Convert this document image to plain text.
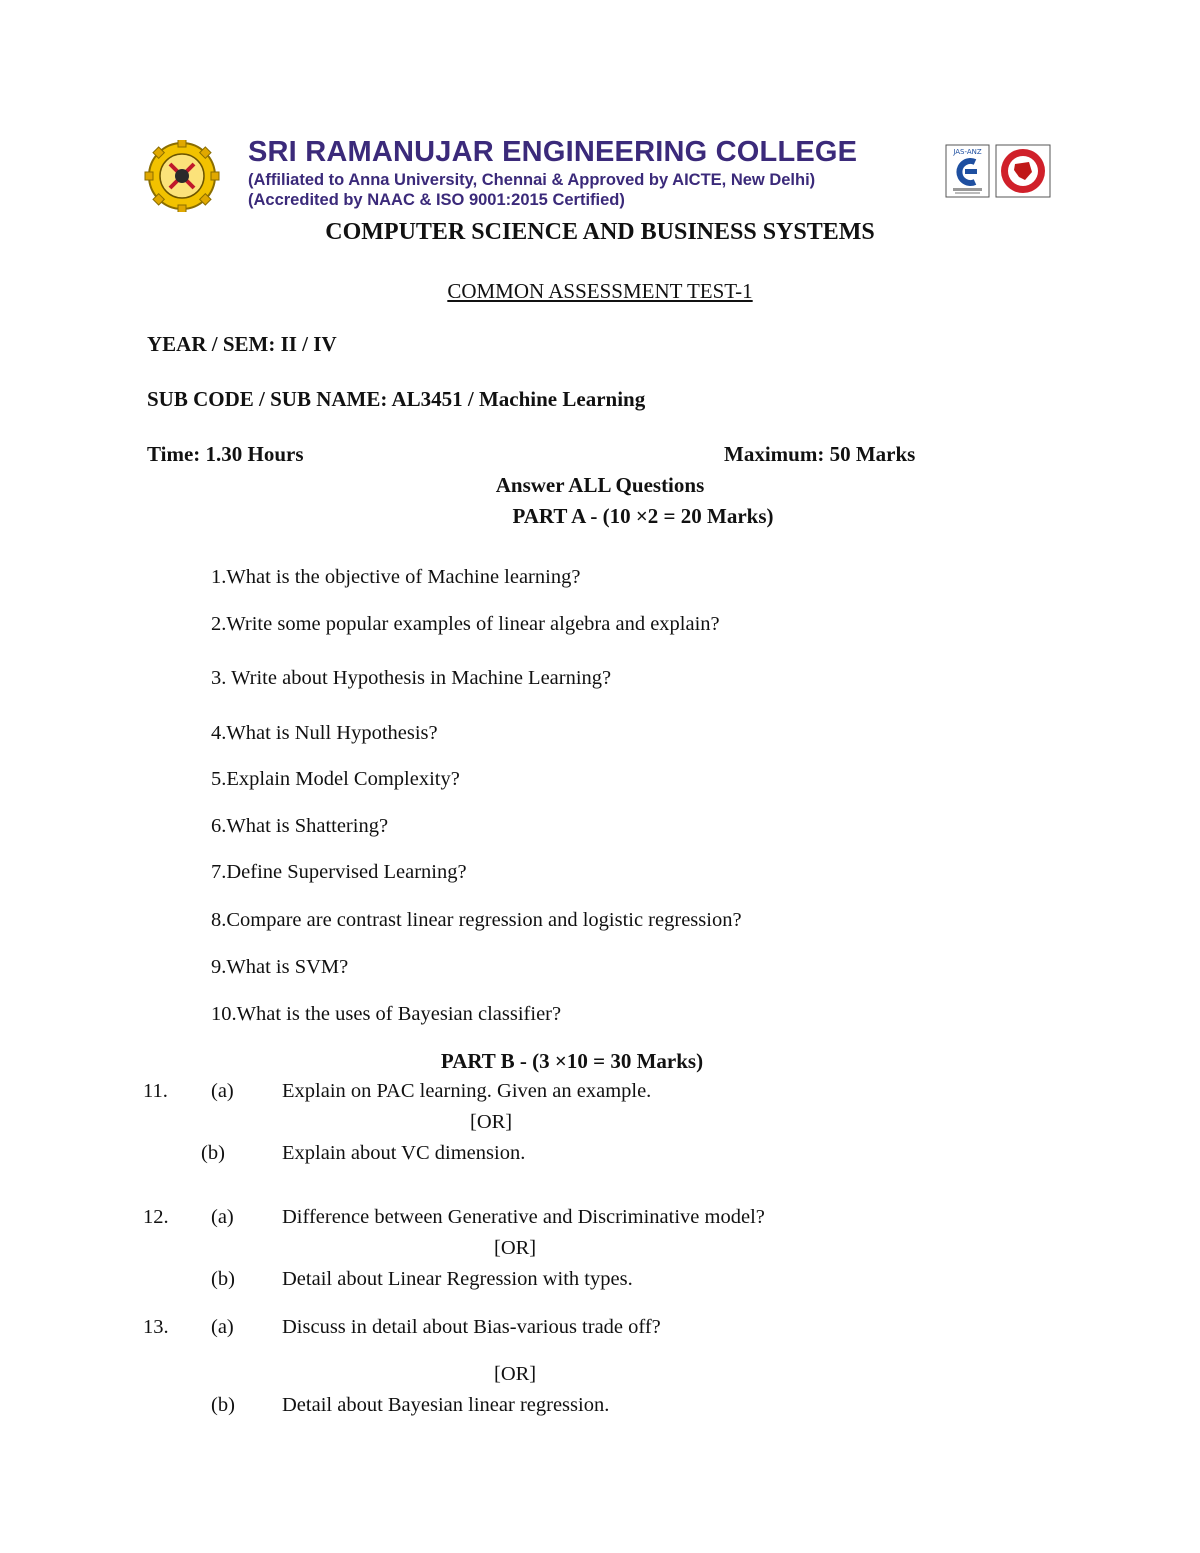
SRI RAMANUJAR ENGINEERING COLLEGE
(Affiliated to Anna University, Chennai & Approved by AICTE, New Delhi)
(Accredited by NAAC & ISO 9001:2015 Certified)
JAS-ANZ
COMPUTER SCIENCE AND BUSINESS SYSTEMS
COMMON ASSESSMENT TEST-1
YEAR / SEM: II / IV
SUB CODE / SUB NAME: AL3451 / Machine Learning
Time: 1.30 Hours	Maximum: 50 Marks
Answer ALL Questions
PART A - (10 ×2 = 20 Marks)
1.What is the objective of Machine learning?
2.Write some popular examples of linear algebra and explain?
3. Write about Hypothesis in Machine Learning?
4.What is Null Hypothesis?
5.Explain Model Complexity?
6.What is Shattering?
7.Define Supervised Learning?
8.Compare are contrast linear regression and logistic regression?
9.What is SVM?
10.What is the uses of Bayesian classifier?
PART B - (3 ×10 = 30 Marks)
11. (a) Explain on PAC learning. Given an example.
[OR]
(b)	Explain about VC dimension.
12. (a) Difference between Generative and Discriminative model?
[OR]
(b) Detail about Linear Regression with types.
13. (a) Discuss in detail about Bias-various trade off?
[OR]
(b) Detail about Bayesian linear regression.
